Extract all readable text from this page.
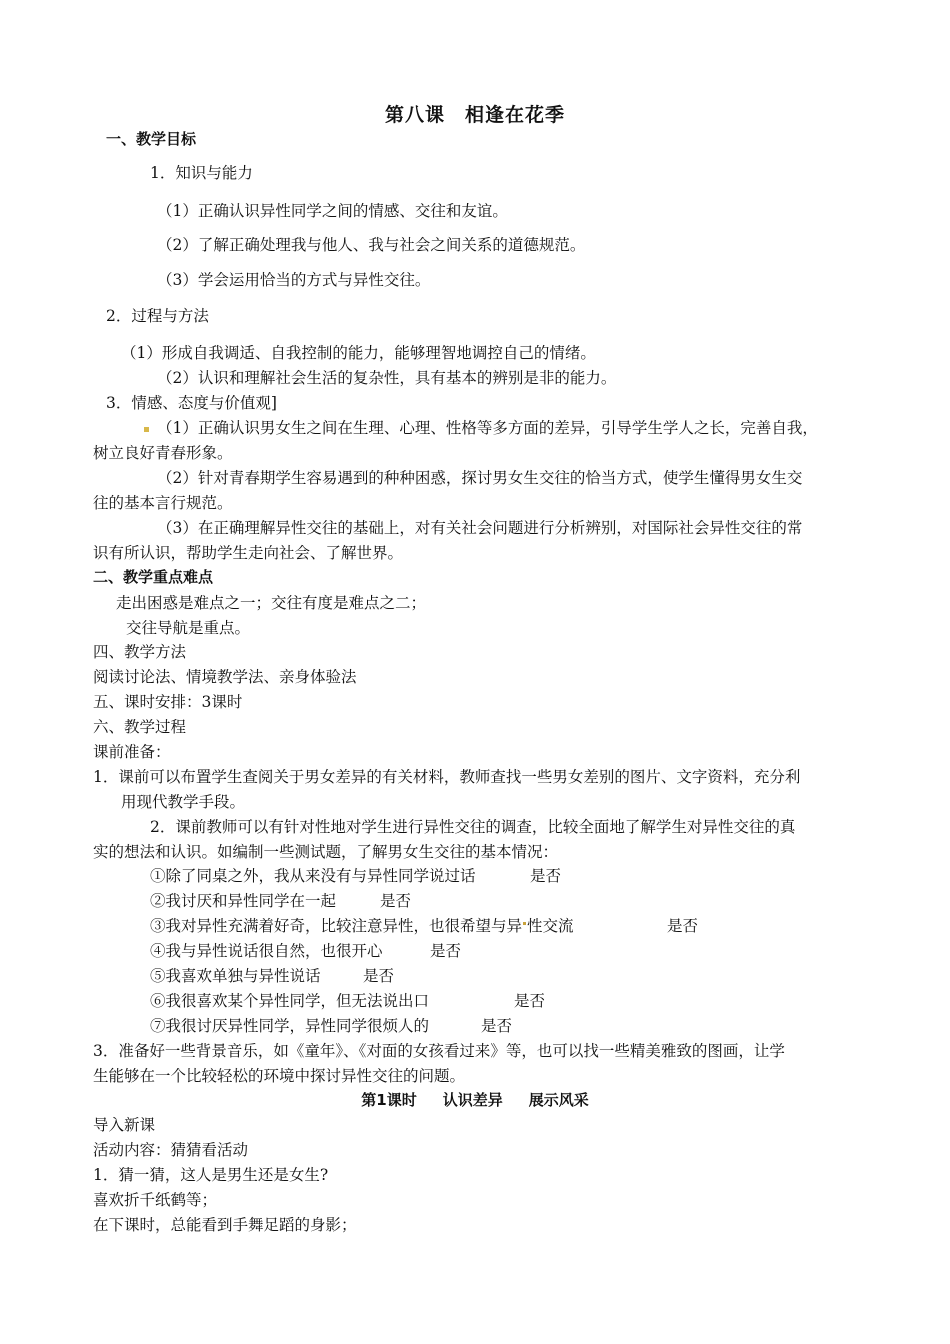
第八课 相逢在花季
一、教学目标
1．知识与能力
（1）正确认识异性同学之间的情感、交往和友谊。
（2）了解正确处理我与他人、我与社会之间关系的道德规范。
（3）学会运用恰当的方式与异性交往。
2．过程与方法
（1）形成自我调适、自我控制的能力，能够理智地调控自己的情绪。
（2）认识和理解社会生活的复杂性，具有基本的辨别是非的能力。
3．情感、态度与价值观]
（1）正确认识男女生之间在生理、心理、性格等多方面的差异，引导学生学人之长，完善自我，
树立良好青春形象。
（2）针对青春期学生容易遇到的种种困惑，探讨男女生交往的恰当方式，使学生懂得男女生交
往的基本言行规范。
（3）在正确理解异性交往的基础上，对有关社会问题进行分析辨别，对国际社会异性交往的常
识有所认识，帮助学生走向社会、了解世界。
二、教学重点难点
走出困惑是难点之一；交往有度是难点之二；
交往导航是重点。
四、教学方法
阅读讨论法、情境教学法、亲身体验法
五、课时安排：3课时
六、教学过程
课前准备：
1．课前可以布置学生查阅关于男女差异的有关材料，教师查找一些男女差别的图片、文字资料，充分利
用现代教学手段。
2．课前教师可以有针对性地对学生进行异性交往的调查，比较全面地了解学生对异性交往的真
实的想法和认识。如编制一些测试题，了解男女生交往的基本情况：
①除了同桌之外，我从来没有与异性同学说过话	是否
②我讨厌和异性同学在一起	是否
③我对异性充满着好奇，比较注意异性，也很希望与异 性交流	是否
④我与异性说话很自然，也很开心	是否
⑤我喜欢单独与异性说话	是否
⑥我很喜欢某个异性同学，但无法说出口	是否
⑦我很讨厌异性同学，异性同学很烦人的	是否
3．准备好一些背景音乐，如《童年》、《对面的女孩看过来》等，也可以找一些精美雅致的图画，让学
生能够在一个比较轻松的环境中探讨异性交往的问题。
第1课时 认识差异 展示风采
导入新课
活动内容：猜猜看活动
1．猜一猜，这人是男生还是女生?
喜欢折千纸鹤等；
在下课时，总能看到手舞足蹈的身影；
